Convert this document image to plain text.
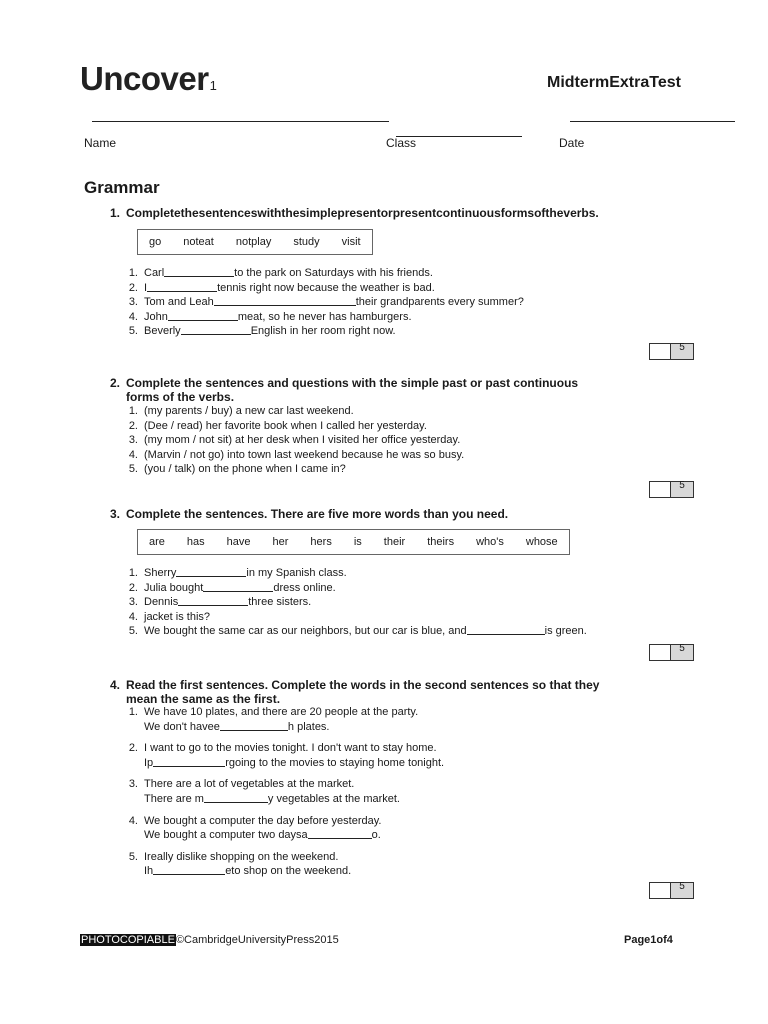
Uncover1	MidtermExtraTest
Name	Class	Date
Grammar
1. Completethesentenceswiththesimplepresentorpresentcontinuousformsoftheverbs.
go noteat notplay study visit
1. Carl	to the park on Saturdays with his friends.
2. I	tennis right now because the weather is bad.
3. Tom and Leah	their grandparents every summer?
4. John	meat, so he never has hamburgers.
5. Beverly	English in her room right now.
5
2. Complete the sentences and questions with the simple past or past continuous forms of the verbs.
1. (my parents / buy) a new car last weekend.
2. (Dee / read) her favorite book when I called her yesterday.
3. (my mom / not sit) at her desk when I visited her office yesterday.
4. (Marvin / not go) into town last weekend because he was so busy.
5. (you / talk) on the phone when I came in?
5
3. Complete the sentences. There are five more words than you need.
are has have her hers is their theirs who's whose
1. Sherry	in my Spanish class.
2. Julia bought	dress online.
3. Dennis	three sisters.
4. jacket is this?
5. We bought the same car as our neighbors, but our car is blue, and	is green.
5
4. Read the first sentences. Complete the words in the second sentences so that they mean the same as the first.
1. We have 10 plates, and there are 20 people at the party.
We don't havee	h plates.
2. I want to go to the movies tonight. I don't want to stay home.
Ip	rgoing to the movies to staying home tonight.
3. There are a lot of vegetables at the market.
There are m	y vegetables at the market.
4. We bought a computer the day before yesterday.
We bought a computer two daysa	o.
5. Ireally dislike shopping on the weekend.
Ih	eto shop on the weekend.
5
PHOTOCOPIABLE©CambridgeUniversityPress2015	Page1of4
